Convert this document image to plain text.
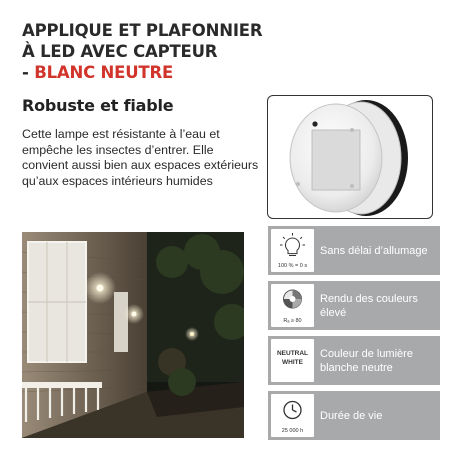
APPLIQUE ET PLAFONNIER
À LED AVEC CAPTEUR
- BLANC NEUTRE
Robuste et fiable
Cette lampe est résistante à l’eau et empêche les insectes d’entrer. Elle convient aussi bien aux espaces extérieurs qu’aux espaces intérieurs humides
100 % = 0 s
Sans délai d’allumage
Rₐ ≥ 80
Rendu des couleurs élevé
NEUTRAL
WHITE
Couleur de lumière blanche neutre
25 000 h
Durée de vie
